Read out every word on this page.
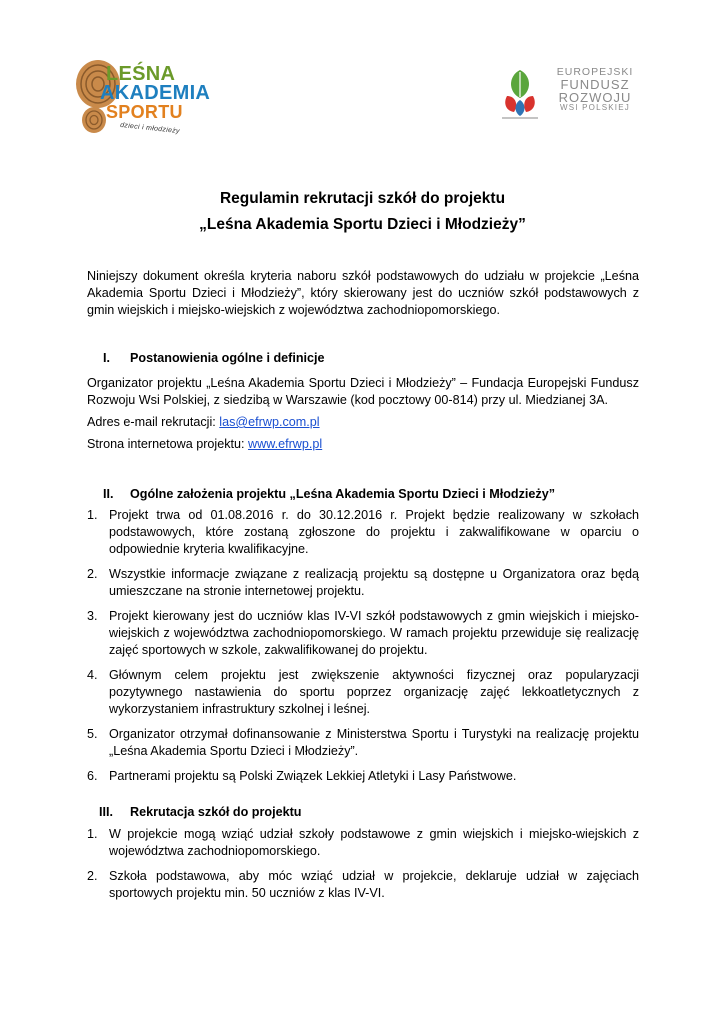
LEŚNA
AKADEMIA
SPORTU
dzieci i młodzieży
EUROPEJSKI
FUNDUSZ
ROZWOJU
WSI POLSKIEJ
Regulamin rekrutacji szkół do projektu
„Leśna Akademia Sportu Dzieci i Młodzieży”
Niniejszy dokument określa kryteria naboru szkół podstawowych do udziału w projekcie „Leśna Akademia Sportu Dzieci i Młodzieży”, który skierowany jest do uczniów szkół podstawowych z gmin wiejskich i miejsko-wiejskich z województwa zachodniopomorskiego.
I. Postanowienia ogólne i definicje
Organizator projektu „Leśna Akademia Sportu Dzieci i Młodzieży” – Fundacja Europejski Fundusz Rozwoju Wsi Polskiej, z siedzibą w Warszawie (kod pocztowy 00-814) przy ul. Miedzianej 3A.
Adres e-mail rekrutacji: las@efrwp.com.pl
Strona internetowa projektu: www.efrwp.pl
II. Ogólne założenia projektu „Leśna Akademia Sportu Dzieci i Młodzieży”
1. Projekt trwa od 01.08.2016 r. do 30.12.2016 r. Projekt będzie realizowany w szkołach podstawowych, które zostaną zgłoszone do projektu i zakwalifikowane w oparciu o odpowiednie kryteria kwalifikacyjne.
2. Wszystkie informacje związane z realizacją projektu są dostępne u Organizatora oraz będą umieszczane na stronie internetowej projektu.
3. Projekt kierowany jest do uczniów klas IV-VI szkół podstawowych z gmin wiejskich i miejsko-wiejskich z województwa zachodniopomorskiego. W ramach projektu przewiduje się realizację zajęć sportowych w szkole, zakwalifikowanej do projektu.
4. Głównym celem projektu jest zwiększenie aktywności fizycznej oraz popularyzacji pozytywnego nastawienia do sportu poprzez organizację zajęć lekkoatletycznych z wykorzystaniem infrastruktury szkolnej i leśnej.
5. Organizator otrzymał dofinansowanie z Ministerstwa Sportu i Turystyki na realizację projektu „Leśna Akademia Sportu Dzieci i Młodzieży”.
6. Partnerami projektu są Polski Związek Lekkiej Atletyki i Lasy Państwowe.
III. Rekrutacja szkół do projektu
1. W projekcie mogą wziąć udział szkoły podstawowe z gmin wiejskich i miejsko-wiejskich z województwa zachodniopomorskiego.
2. Szkoła podstawowa, aby móc wziąć udział w projekcie, deklaruje udział w zajęciach sportowych projektu min. 50 uczniów z klas IV-VI.
